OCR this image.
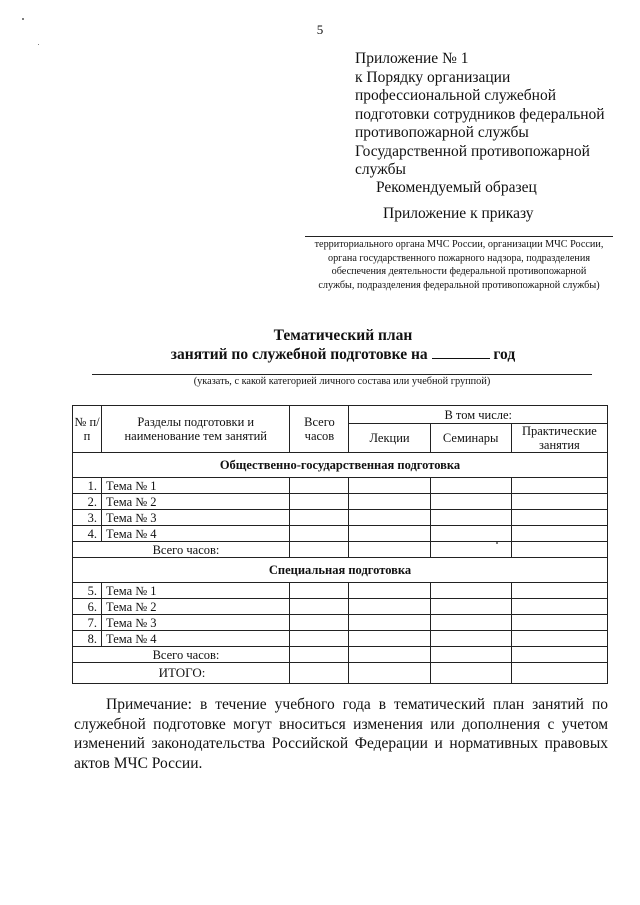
5
Приложение № 1
к Порядку организации
профессиональной служебной
подготовки сотрудников федеральной
противопожарной службы
Государственной противопожарной
службы
Рекомендуемый образец
Приложение к приказу
территориального органа МЧС России, организации МЧС России,
органа государственного пожарного надзора, подразделения
обеспечения деятельности федеральной противопожарной
службы, подразделения федеральной противопожарной службы)
Тематический план
занятий по служебной подготовке на	год
(указать, с какой категорией личного состава или учебной группой)
№ п/п	Разделы подготовки и наименование тем занятий	Всего часов	В том числе:		
			Лекции	Семинары	Практические занятия
Общественно-государственная подготовка					
1.	Тема № 1				
2.	Тема № 2				
3.	Тема № 3				
4.	Тема № 4				
Всего часов:					
Специальная подготовка					
5.	Тема № 1				
6.	Тема № 2				
7.	Тема № 3				
8.	Тема № 4				
Всего часов:					
ИТОГО:					
Примечание: в течение учебного года в тематический план занятий по служебной подготовке могут вноситься изменения или дополнения с учетом изменений законодательства Российской Федерации и нормативных правовых актов МЧС России.
